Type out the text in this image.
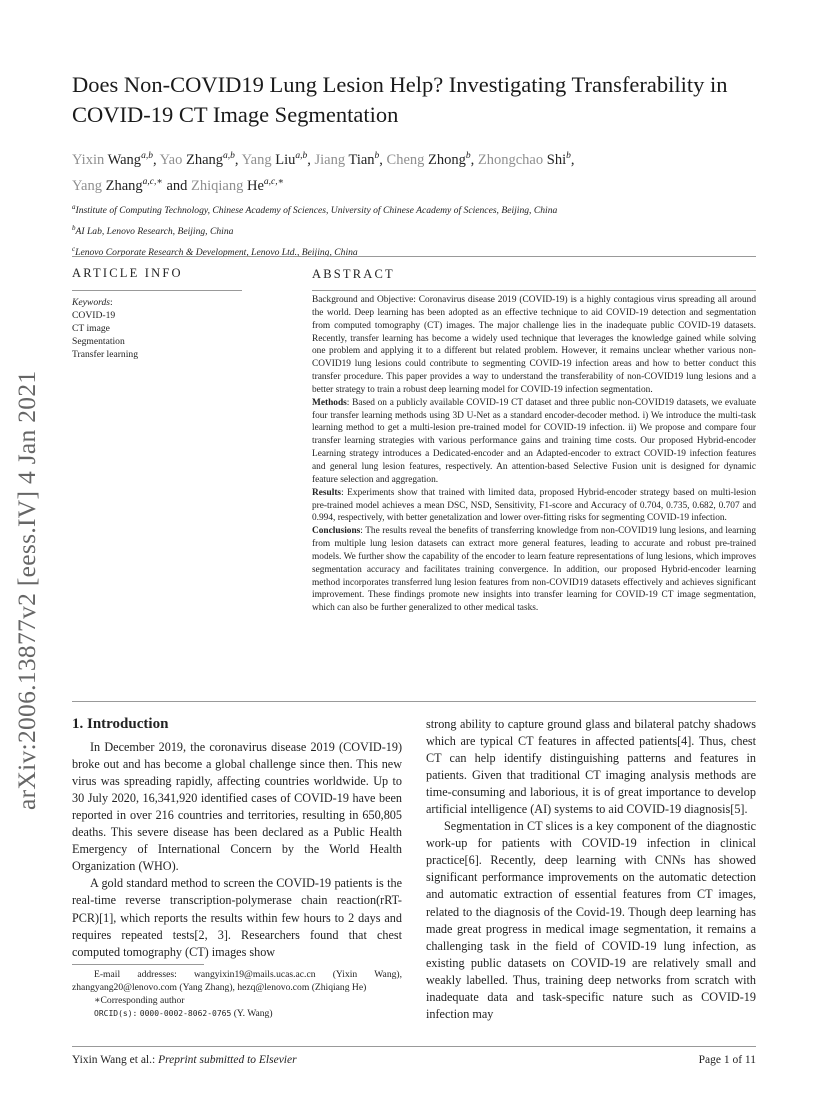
arXiv:2006.13877v2 [eess.IV] 4 Jan 2021
Does Non-COVID19 Lung Lesion Help? Investigating Transferability in COVID-19 CT Image Segmentation
Yixin Wang$^{a,b}$, Yao Zhang$^{a,b}$, Yang Liu$^{a,b}$, Jiang Tian$^b$, Cheng Zhong$^b$, Zhongchao Shi$^b$,
Yang Zhang$^{a,c,∗}$ and Zhiqiang $He^{a,c,∗}$
$^a$Institute of Computing Technology, Chinese Academy of Sciences, University of Chinese Academy of Sciences, Beijing, China
$^b$AI Lab, Lenovo Research, Beijing, China
$^c$Lenovo Corporate Research & Development, Lenovo Ltd., Beijing, China
ARTICLE INFO	ABSTRACT
Keywords:
COVID-19
CT image
Segmentation
Transfer learning

Background and Objective: Coronavirus disease 2019 (COVID-19) is a highly contagious virus spreading all around the world. Deep learning has been adopted as an effective technique to aid COVID-19 detection and segmentation from computed tomography (CT) images. The major challenge lies in the inadequate public COVID-19 datasets. Recently, transfer learning has become a widely used technique that leverages the knowledge gained while solving one problem and applying it to a different but related problem. However, it remains unclear whether various non-COVID19 lung lesions could contribute to segmenting COVID-19 infection areas and how to better conduct this transfer procedure. This paper provides a way to understand the transferability of non-COVID19 lung lesions and a better strategy to train a robust deep learning model for COVID-19 infection segmentation.

Methods: Based on a publicly available COVID-19 CT dataset and three public non-COVID19 datasets, we evaluate four transfer learning methods using 3D U-Net as a standard encoder-decoder method. i) We introduce the multi-task learning method to get a multi-lesion pre-trained model for COVID-19 infection. ii) We propose and compare four transfer learning strategies with various performance gains and training time costs. Our proposed Hybrid-encoder Learning strategy introduces a Dedicated-encoder and an Adapted-encoder to extract COVID-19 infection features and general lung lesion features, respectively. An attention-based Selective Fusion unit is designed for dynamic feature selection and aggregation.

Results: Experiments show that trained with limited data, proposed Hybrid-encoder strategy based on multi-lesion pre-trained model achieves a mean DSC, NSD, Sensitivity, F1-score and Accuracy of 0.704, 0.735, 0.682, 0.707 and 0.994, respectively, with better genetalization and lower over-fitting risks for segmenting COVID-19 infection.

Conclusions: The results reveal the benefits of transferring knowledge from non-COVID19 lung lesions, and learning from multiple lung lesion datasets can extract more general features, leading to accurate and robust pre-trained models. We further show the capability of the encoder to learn feature representations of lung lesions, which improves segmentation accuracy and facilitates training convergence. In addition, our proposed Hybrid-encoder learning method incorporates transferred lung lesion features from non-COVID19 datasets effectively and achieves significant improvement. These findings promote new insights into transfer learning for COVID-19 CT image segmentation, which can also be further generalized to other medical tasks.

1. Introduction

In December 2019, the coronavirus disease 2019 (COVID-19) broke out and has become a global challenge since then. This new virus was spreading rapidly, affecting countries worldwide. Up to 30 July 2020, 16,341,920 identified cases of COVID-19 have been reported in over 216 countries and territories, resulting in 650,805 deaths. This severe disease has been declared as a Public Health Emergency of International Concern by the World Health Organization (WHO).

A gold standard method to screen the COVID-19 patients is the real-time reverse transcription-polymerase chain reaction(rRT-PCR)[1], which reports the results within few hours to 2 days and requires repeated tests[2, 3]. Researchers found that chest computed tomography (CT) images show

E-mail addresses: wangyixin19@mails.ucas.ac.cn (Yixin Wang), zhangyang20@lenovo.com (Yang Zhang), hezq@lenovo.com (Zhiqiang He)

∗Corresponding author

ORCID(s): 0000-0002-8062-0765 (Y. Wang)

strong ability to capture ground glass and bilateral patchy shadows which are typical CT features in affected patients[4]. Thus, chest CT can help identify distinguishing patterns and features in patients. Given that traditional CT imaging analysis methods are time-consuming and laborious, it is of great importance to develop artificial intelligence (AI) systems to aid COVID-19 diagnosis[5].

Segmentation in CT slices is a key component of the diagnostic work-up for patients with COVID-19 infection in clinical practice[6]. Recently, deep learning with CNNs has showed significant performance improvements on the automatic detection and automatic extraction of essential features from CT images, related to the diagnosis of the Covid-19. Though deep learning has made great progress in medical image segmentation, it remains a challenging task in the field of COVID-19 lung infection, as existing public datasets on COVID-19 are relatively small and weakly labelled. Thus, training deep networks from scratch with inadequate data and task-specific nature such as COVID-19 infection may

Yixin Wang et al.: Preprint submitted to Elsevier	Page 1 of 11
